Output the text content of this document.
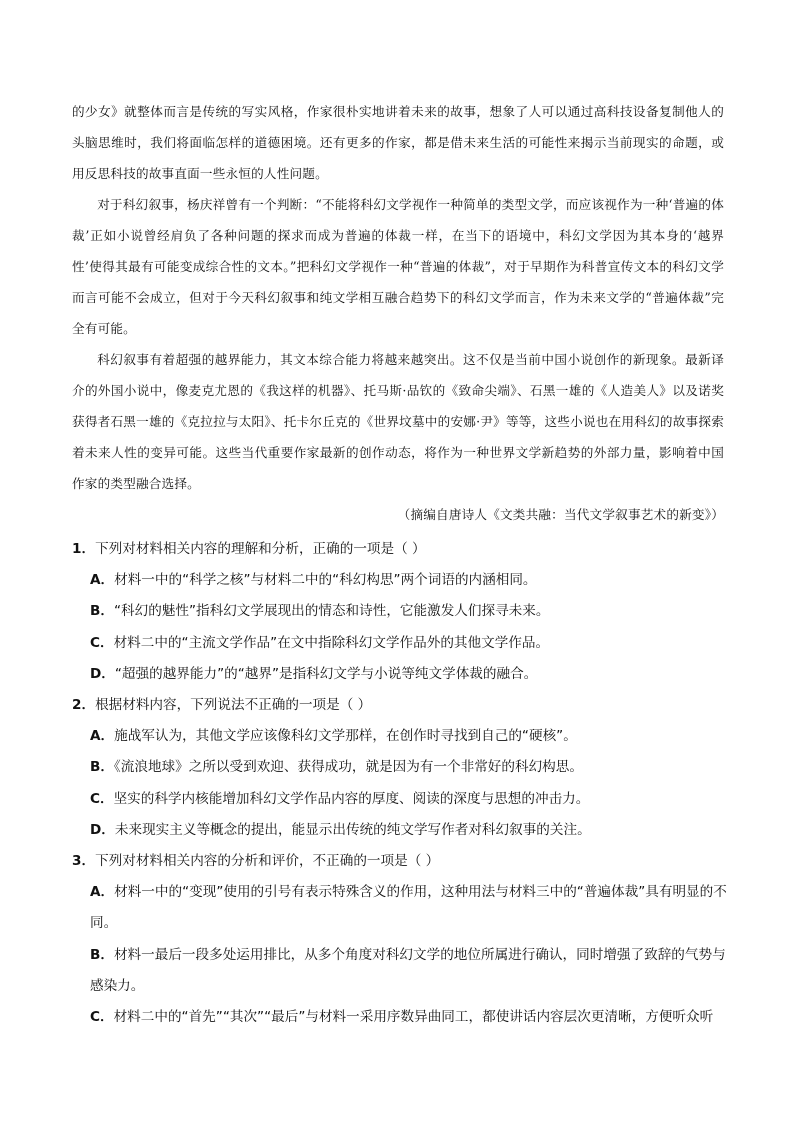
的少女》就整体而言是传统的写实风格，作家很朴实地讲着未来的故事，想象了人可以通过高科技设备复制他人的头脑思维时，我们将面临怎样的道德困境。还有更多的作家，都是借未来生活的可能性来揭示当前现实的命题，或用反思科技的故事直面一些永恒的人性问题。

对于科幻叙事，杨庆祥曾有一个判断：“不能将科幻文学视作一种简单的类型文学，而应该视作为一种‘普遍的体裁’正如小说曾经肩负了各种问题的探求而成为普遍的体裁一样，在当下的语境中，科幻文学因为其本身的‘越界性’使得其最有可能变成综合性的文本。”把科幻文学视作一种“普遍的体裁”，对于早期作为科普宣传文本的科幻文学而言可能不会成立，但对于今天科幻叙事和纯文学相互融合趋势下的科幻文学而言，作为未来文学的“普遍体裁”完全有可能。

科幻叙事有着超强的越界能力，其文本综合能力将越来越突出。这不仅是当前中国小说创作的新现象。最新译介的外国小说中，像麦克尤恩的《我这样的机器》、托马斯·品钦的《致命尖端》、石黑一雄的《人造美人》以及诺奖获得者石黑一雄的《克拉拉与太阳》、托卡尔丘克的《世界坟墓中的安娜·尹》等等，这些小说也在用科幻的故事探索着未来人性的变异可能。这些当代重要作家最新的创作动态，将作为一种世界文学新趋势的外部力量，影响着中国作家的类型融合选择。

（摘编自唐诗人《文类共融：当代文学叙事艺术的新变》）

1．下列对材料相关内容的理解和分析，正确的一项是（ ）

A．材料一中的“科学之核”与材料二中的“科幻构思”两个词语的内涵相同。

B．“科幻的魅性”指科幻文学展现出的情态和诗性，它能激发人们探寻未来。

C．材料二中的“主流文学作品”在文中指除科幻文学作品外的其他文学作品。

D．“超强的越界能力”的“越界”是指科幻文学与小说等纯文学体裁的融合。

2．根据材料内容，下列说法不正确的一项是（ ）

A．施战军认为，其他文学应该像科幻文学那样，在创作时寻找到自己的“硬核”。

B．《流浪地球》之所以受到欢迎、获得成功，就是因为有一个非常好的科幻构思。

C．坚实的科学内核能增加科幻文学作品内容的厚度、阅读的深度与思想的冲击力。

D．未来现实主义等概念的提出，能显示出传统的纯文学写作者对科幻叙事的关注。

3．下列对材料相关内容的分析和评价，不正确的一项是（ ）

A．材料一中的“变现”使用的引号有表示特殊含义的作用，这种用法与材料三中的“普遍体裁”具有明显的不同。

B．材料一最后一段多处运用排比，从多个角度对科幻文学的地位所属进行确认，同时增强了致辞的气势与感染力。

C．材料二中的“首先”“其次”“最后”与材料一采用序数异曲同工，都使讲话内容层次更清晰，方便听众听
